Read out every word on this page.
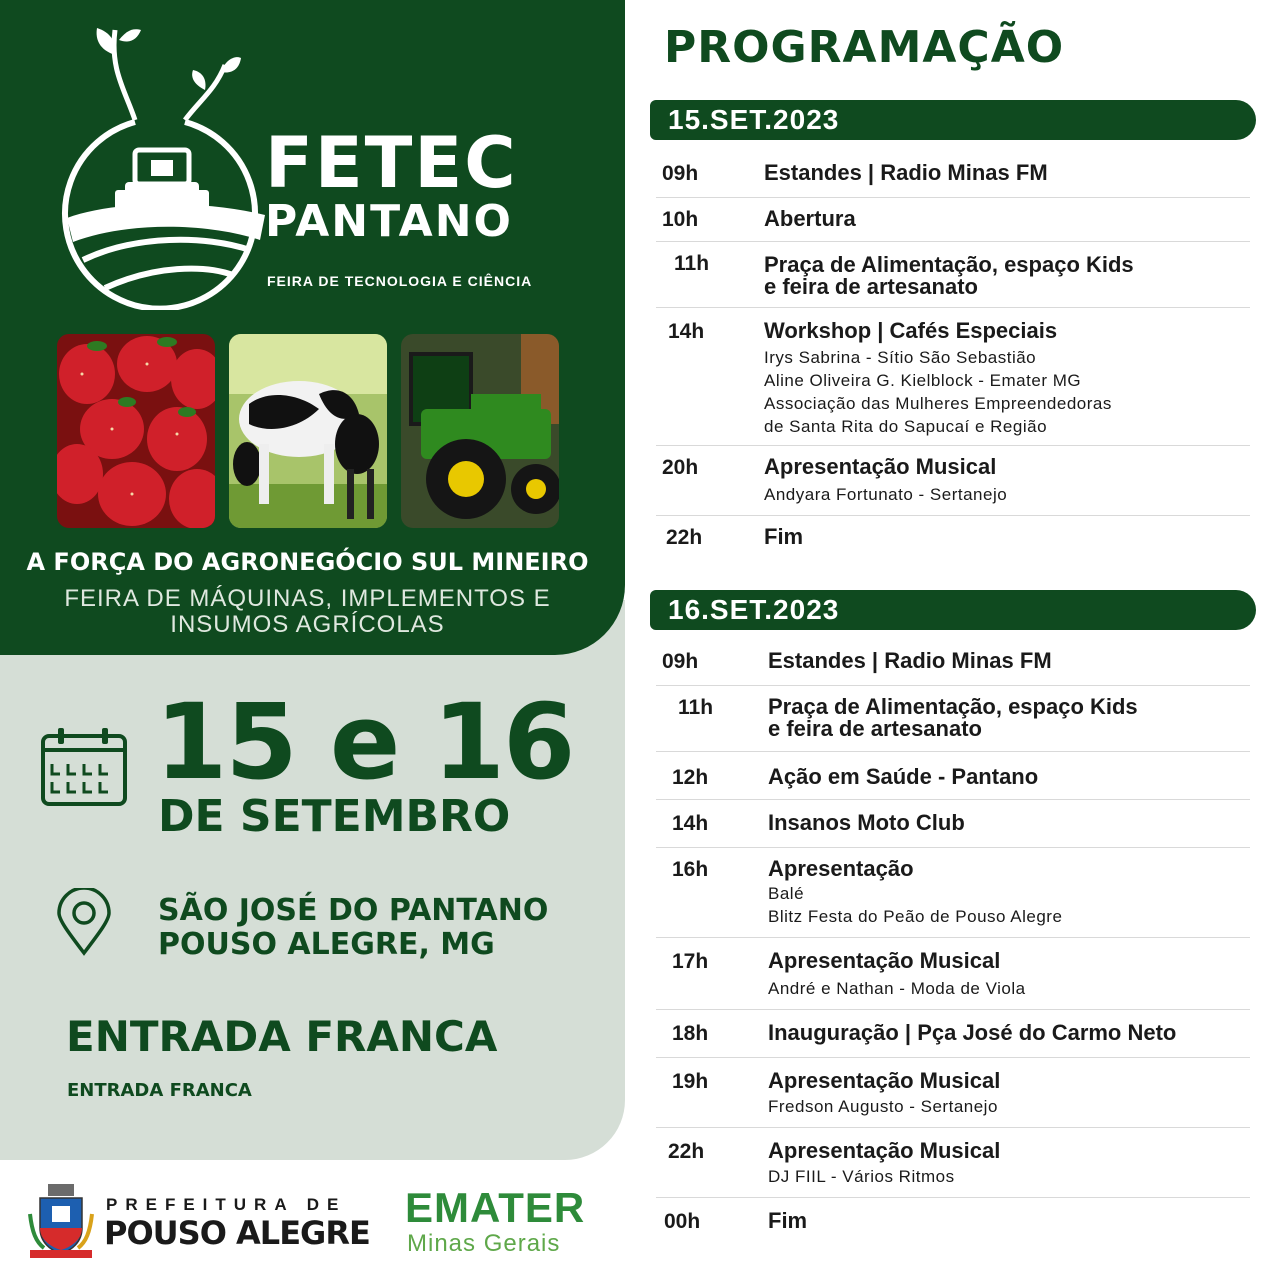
FETEC
PANTANO
FEIRA DE TECNOLOGIA E CIÊNCIA
A FORÇA DO AGRONEGÓCIO SUL MINEIRO
FEIRA DE MÁQUINAS, IMPLEMENTOS E
INSUMOS AGRÍCOLAS
15 e 16
DE SETEMBRO
SÃO JOSÉ DO PANTANO
POUSO ALEGRE, MG
ENTRADA FRANCA
ENTRADA FRANCA
PREFEITURA DE
POUSO ALEGRE
EMATER
Minas Gerais
PROGRAMAÇÃO
15.SET.2023
09h	Estandes | Radio Minas FM
10h	Abertura
11h	Praça de Alimentação, espaço Kids
e feira de artesanato
14h	Workshop | Cafés Especiais
Irys Sabrina - Sítio São Sebastião
Aline Oliveira G. Kielblock - Emater MG
Associação das Mulheres Empreendedoras
de Santa Rita do Sapucaí e Região
20h	Apresentação Musical
Andyara Fortunato - Sertanejo
22h	Fim
16.SET.2023
09h	Estandes | Radio Minas FM
11h	Praça de Alimentação, espaço Kids
e feira de artesanato
12h	Ação em Saúde - Pantano
14h	Insanos Moto Club
16h	Apresentação
Balé
Blitz Festa do Peão de Pouso Alegre
17h	Apresentação Musical
André e Nathan - Moda de Viola
18h	Inauguração | Pça José do Carmo Neto
19h	Apresentação Musical
Fredson Augusto - Sertanejo
22h	Apresentação Musical
DJ FIIL - Vários Ritmos
00h	Fim
